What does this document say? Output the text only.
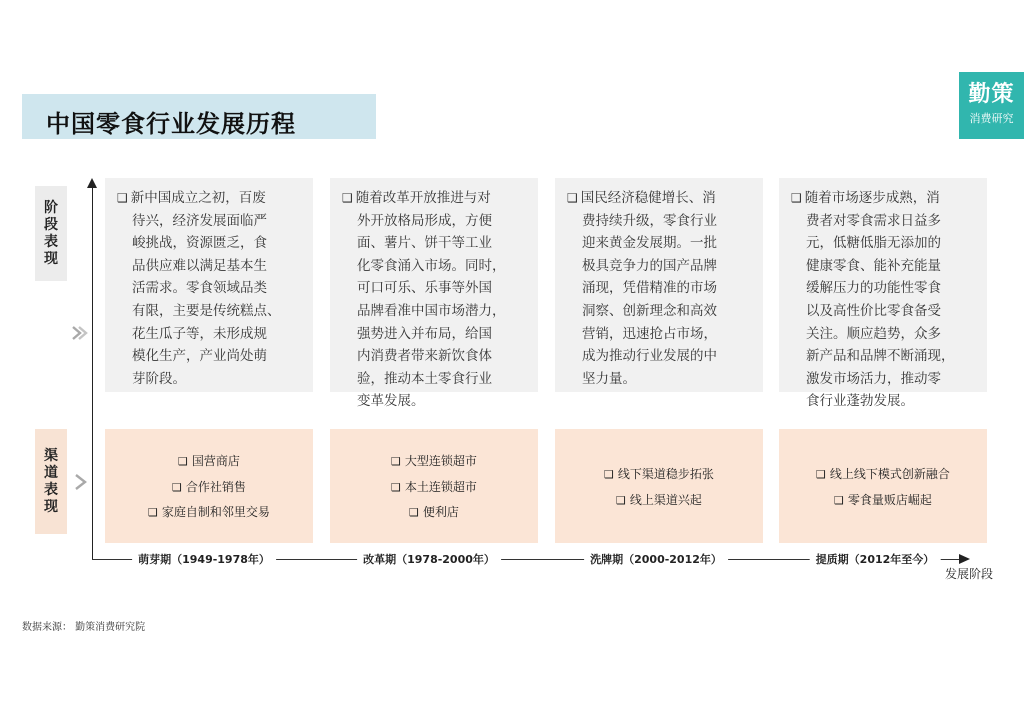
中国零食行业发展历程
勤策
消费研究
阶段表现
渠道表现
❑ 新中国成立之初，百废
待兴，经济发展面临严
峻挑战，资源匮乏，食
品供应难以满足基本生
活需求。零食领域品类
有限，主要是传统糕点、
花生瓜子等，未形成规
模化生产，产业尚处萌
芽阶段。
❑ 随着改革开放推进与对
外开放格局形成，方便
面、薯片、饼干等工业
化零食涌入市场。同时，
可口可乐、乐事等外国
品牌看准中国市场潜力，
强势进入并布局，给国
内消费者带来新饮食体
验，推动本土零食行业
变革发展。
❑ 国民经济稳健增长、消
费持续升级，零食行业
迎来黄金发展期。一批
极具竞争力的国产品牌
涌现，凭借精准的市场
洞察、创新理念和高效
营销，迅速抢占市场，
成为推动行业发展的中
坚力量。
❑ 随着市场逐步成熟，消
费者对零食需求日益多
元，低糖低脂无添加的
健康零食、能补充能量
缓解压力的功能性零食
以及高性价比零食备受
关注。顺应趋势，众多
新产品和品牌不断涌现，
激发市场活力，推动零
食行业蓬勃发展。
❑ 国营商店
❑ 合作社销售
❑ 家庭自制和邻里交易
❑ 大型连锁超市
❑ 本土连锁超市
❑ 便利店
❑ 线下渠道稳步拓张
❑ 线上渠道兴起
❑ 线上线下模式创新融合
❑ 零食量贩店崛起
萌芽期（1949-1978年）	改革期（1978-2000年）	洗牌期（2000-2012年）	提质期（2012年至今）
发展阶段
数据来源： 勤策消费研究院
